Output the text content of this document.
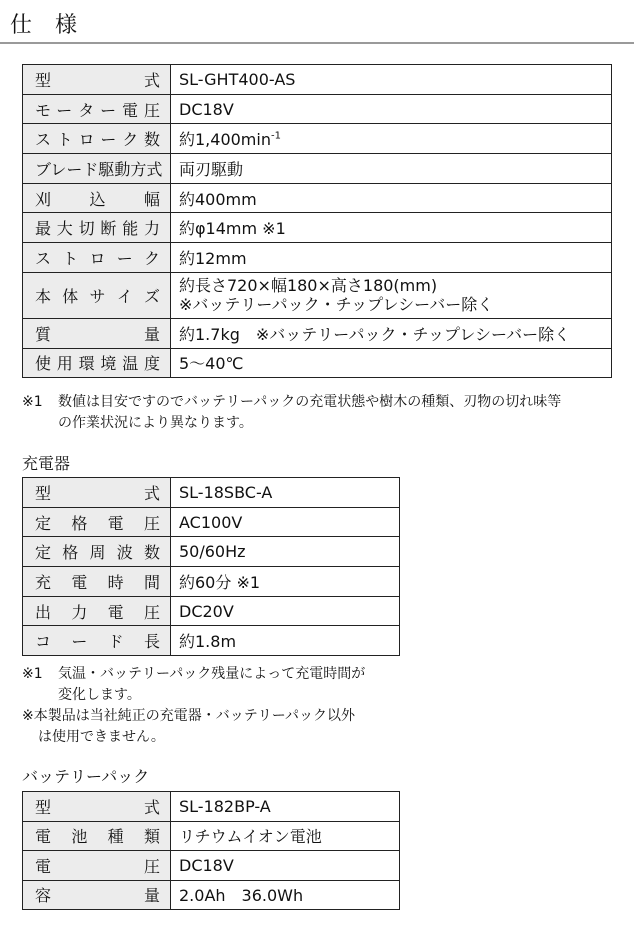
仕 様
型　　　式	SL-GHT400-AS
モーター電圧	DC18V
ストローク数	約$1,400\min^{-1}$
ブレード駆動方式	両刃駆動
刈　込　幅	約400mm
最大切断能力	約φ14mm ※1
ス ト ロ ー ク	約12mm
本 体 サ イ ズ	約長さ720×幅180×高さ180(mm)
※バッテリーパック・チップレシーバー除く

質　　　量	約1.7kg　※バッテリーパック・チップレシーバー除く
使用環境温度	5～40℃
※1 数値は目安ですのでバッテリーパックの充電状態や樹木の種類、刃物の切れ味等
の作業状況により異なります。
充電器
型　　　式	SL-18SBC-A
定 格 電 圧	AC100V
定格周波数	50/60Hz
充 電 時 間	約60分 ※1
出 力 電 圧	DC20V
コ ー ド 長	約1.8m
※1 気温・バッテリーパック残量によって充電時間が
変化します。
※本製品は当社純正の充電器・バッテリーパック以外
は使用できません。
バッテリーパック
型　　　式	SL-182BP-A
電 池 種 類	リチウムイオン電池
電　　　圧	DC18V
容　　　量	2.0Ah　36.0Wh
